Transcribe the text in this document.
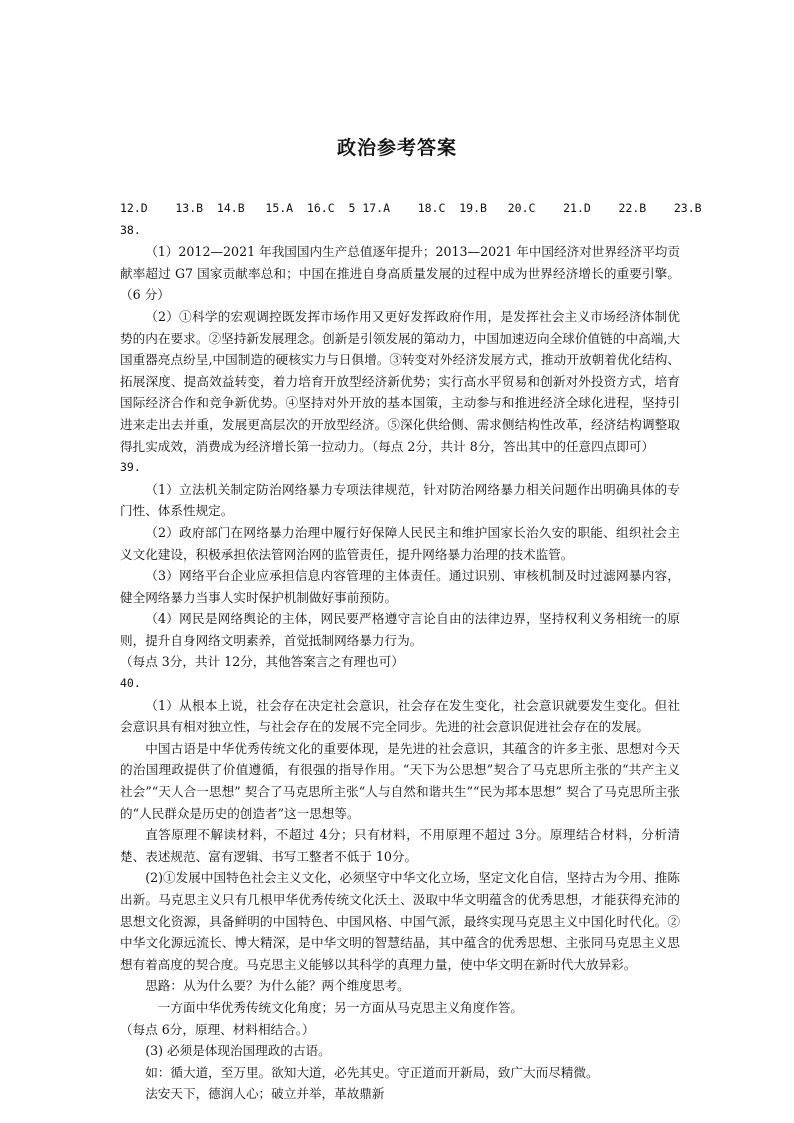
政治参考答案
12.D    13.B  14.B   15.A  16.C  5 17.A    18.C  19.B   20.C    21.D    22.B    23.B
38.

（1）2012—2021 年我国国内生产总值逐年提升；2013—2021 年中国经济对世界经济平均贡献率超过 G7 国家贡献率总和；中国在推进自身高质量发展的过程中成为世界经济增长的重要引擎。（6 分）

（2）①科学的宏观调控既发挥市场作用又更好发挥政府作用，是发挥社会主义市场经济体制优势的内在要求。②坚持新发展理念。创新是引领发展的第动力，中国加速迈向全球价值链的中高端,大国重器亮点纷呈,中国制造的硬核实力与日俱增。③转变对外经济发展方式，推动开放朝着优化结构、拓展深度、提高效益转变，着力培育开放型经济新优势；实行高水平贸易和创新对外投资方式，培育国际经济合作和竞争新优势。④坚持对外开放的基本国策，主动参与和推进经济全球化进程，坚持引进来走出去并重，发展更高层次的开放型经济。⑤深化供给侧、需求侧结构性改革，经济结构调整取得扎实成效，消费成为经济增长第一拉动力。（每点 2分，共计 8分，答出其中的任意四点即可）

39.

（1）立法机关制定防治网络暴力专项法律规范，针对防治网络暴力相关问题作出明确具体的专门性、体系性规定。

（2）政府部门在网络暴力治理中履行好保障人民民主和维护国家长治久安的职能、组织社会主义文化建设，积极承担依法管网治网的监管责任，提升网络暴力治理的技术监管。

（3）网络平台企业应承担信息内容管理的主体责任。通过识别、审核机制及时过滤网暴内容，健全网络暴力当事人实时保护机制做好事前预防。

（4）网民是网络舆论的主体，网民要严格遵守言论自由的法律边界，坚持权利义务相统一的原则，提升自身网络文明素养，首觉抵制网络暴力行为。

（每点 3分，共计 12分，其他答案言之有理也可）

40.

（1）从根本上说，社会存在决定社会意识，社会存在发生变化，社会意识就要发生变化。但社会意识具有相对独立性，与社会存在的发展不完全同步。先进的社会意识促进社会存在的发展。

中国古语是中华优秀传统文化的重要体现，是先进的社会意识，其蕴含的许多主张、思想对今天的治国理政提供了价值遵循，有很强的指导作用。“天下为公思想”契合了马克思所主张的“共产主义社会”“天人合一思想” 契合了马克思所主张“人与自然和谐共生”“民为邦本思想” 契合了马克思所主张的“人民群众是历史的创造者”这一思想等。

直答原理不解读材料，不超过 4分；只有材料，不用原理不超过 3分。原理结合材料，分析清楚、表述规范、富有逻辑、书写工整者不低于 10分。

(2)①发展中国特色社会主义文化，必须坚守中华文化立场，坚定文化自信，坚持古为今用、推陈出新。马克思主义只有几根甲华优秀传统文化沃土、汲取中华文明蕴含的优秀思想，才能获得充沛的思想文化资源，具备鲜明的中国特色、中国风格、中国气派，最终实现马克思主义中国化时代化。②中华文化源远流长、博大精深，是中华文明的智慧结晶，其中蕴含的优秀思想、主张同马克思主义思想有着高度的契合度。马克思主义能够以其科学的真理力量，使中华文明在新时代大放异彩。

思路：从为什么要？为什么能？两个维度思考。

一方面中华优秀传统文化角度；另一方面从马克思主义角度作答。

（每点 6分，原理、材料相结合。）

(3) 必须是体现治国理政的古语。

如：循大道，至万里。欲知大道，必先其史。守正道而开新局，致广大而尽精微。

法安天下，德润人心；破立并举，革故鼎新
